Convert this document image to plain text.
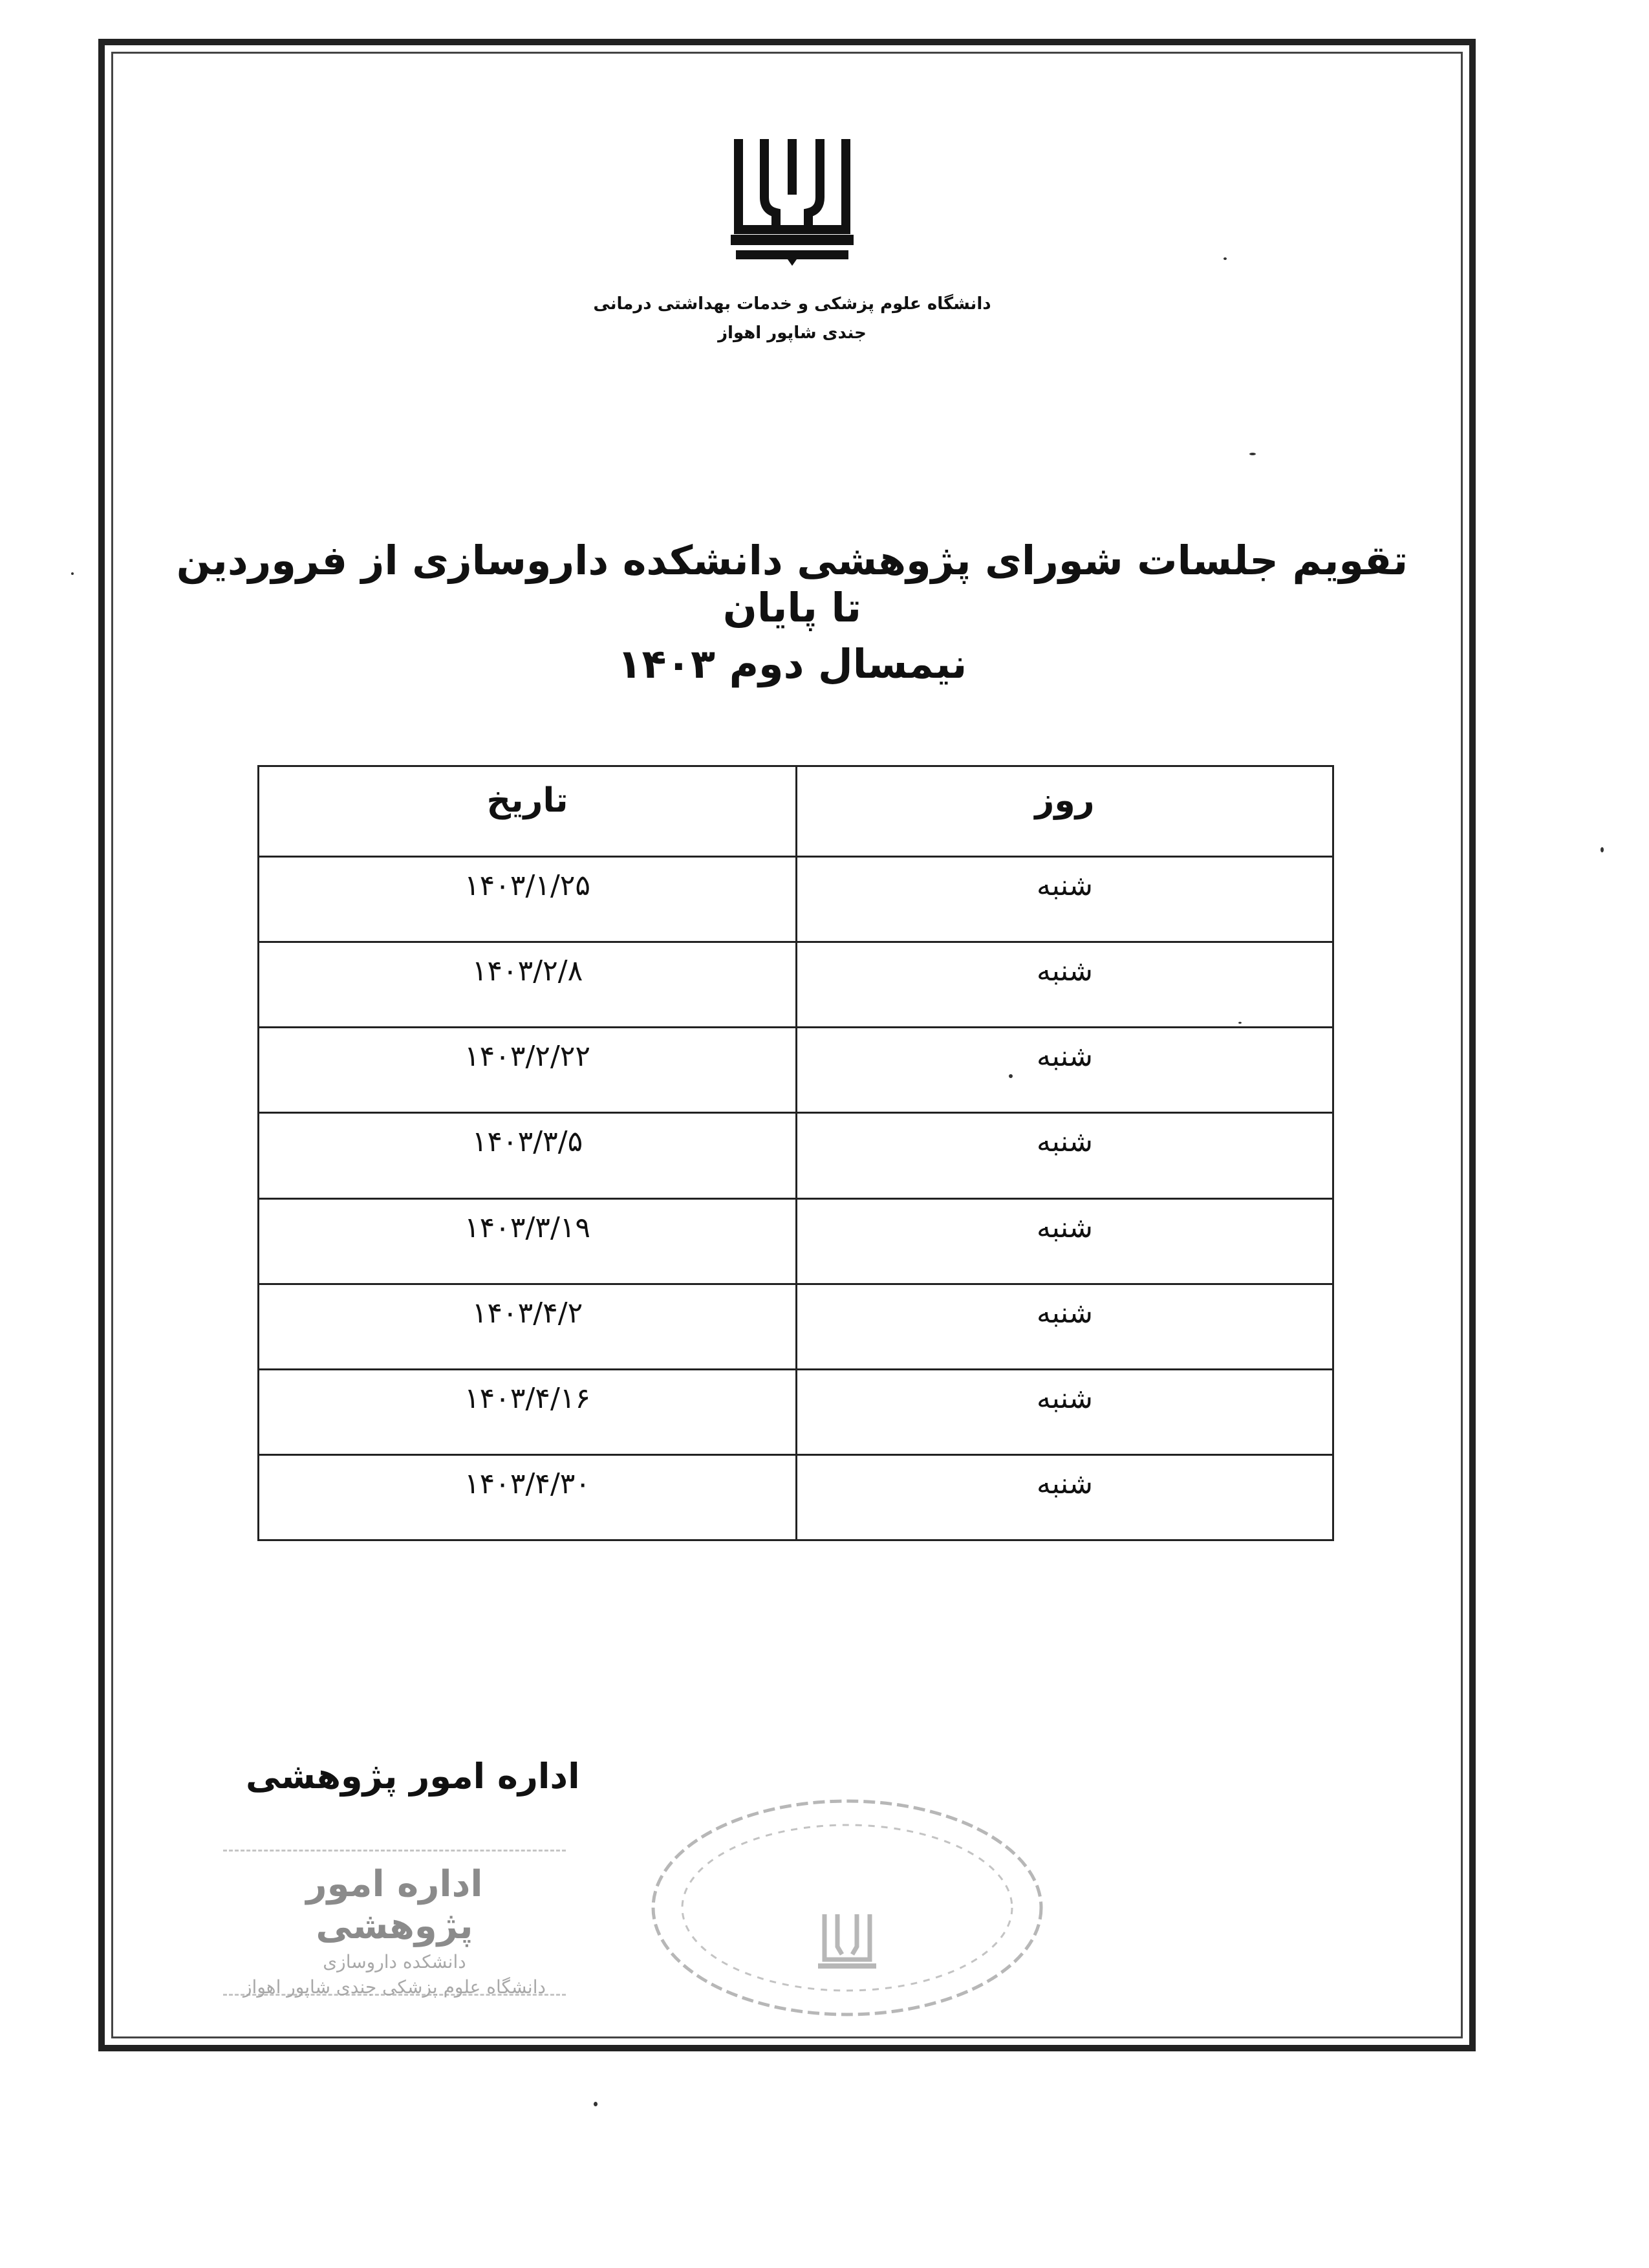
دانشگاه علوم پزشکی و خدمات بهداشتی درمانی
جندی شاپور اهواز
تقویم جلسات شورای پژوهشی دانشکده داروسازی از فروردین تا پایان
نیمسال دوم ۱۴۰۳
روز	تاریخ
شنبه	۱۴۰۳/۱/۲۵
شنبه	۱۴۰۳/۲/۸
شنبه	۱۴۰۳/۲/۲۲
شنبه	۱۴۰۳/۳/۵
شنبه	۱۴۰۳/۳/۱۹
شنبه	۱۴۰۳/۴/۲
شنبه	۱۴۰۳/۴/۱۶
شنبه	۱۴۰۳/۴/۳۰
اداره امور پژوهشی
اداره امور پژوهشی
دانشکده داروسازی
دانشگاه علوم پزشکی جندی شاپور اهواز
